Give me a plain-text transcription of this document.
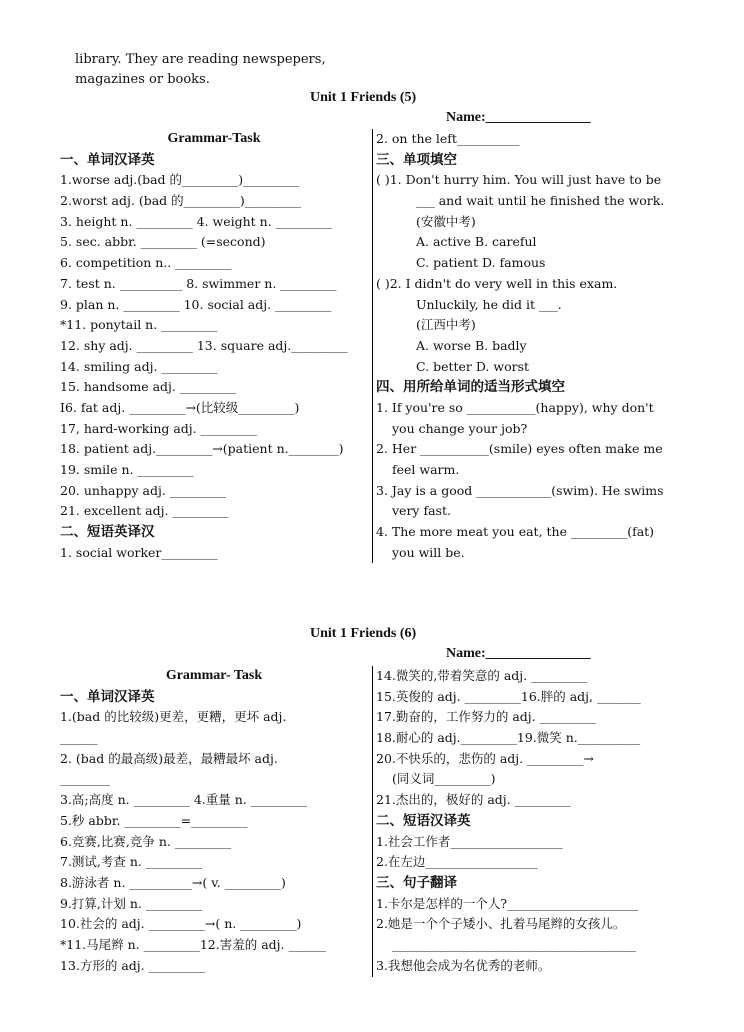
library. They are reading newspepers,
magazines or books.
Unit 1 Friends (5)
Name:_______________
Grammar-Task
一、单词汉译英
1.worse adj.(bad 的_________)_________
2.worst adj. (bad 的_________)_________
3. height n. _________ 4. weight n. _________
5. sec. abbr. _________ (=second)
6. competition n.. _________
7. test n. __________ 8. swimmer n. _________
9. plan n. _________ 10. social adj. _________
*11. ponytail n. _________
12. shy adj. _________ 13. square adj._________
14. smiling adj. _________
15. handsome adj. _________
I6. fat adj. _________→(比较级_________)
17, hard-working adj. _________
18. patient adj._________→(patient n.________)
19. smile n. _________
20. unhappy adj. _________
21. excellent adj. _________
二、短语英译汉
1. social worker_________
2. on the left__________
三、单项填空
( )1. Don't hurry him. You will just have to be
___ and wait until he finished the work.
(安徽中考)
A. active B. careful
C. patient D. famous
( )2. I didn't do very well in this exam.
Unluckily, he did it ___.
(江西中考)
A. worse B. badly
C. better D. worst
四、用所给单词的适当形式填空
1. If you're so ___________(happy), why don't
you change your job?
2. Her ___________(smile) eyes often make me
feel warm.
3. Jay is a good ____________(swim). He swims
very fast.
4. The more meat you eat, the _________(fat)
you will be.
Unit 1 Friends (6)
Name:_______________
Grammar- Task
一、单词汉译英
1.(bad 的比较级)更差，更糟，更坏 adj.
______
2. (bad 的最高级)最差，最糟最坏 adj.
________
3.高;高度 n. _________ 4.重量 n. _________
5.秒 abbr. _________=_________
6.竞赛,比赛,竞争 n. _________
7.测试,考查 n. _________
8.游泳者 n. __________→( v. _________)
9.打算,计划 n. _________
10.社会的 adj. _________→( n. _________)
*11.马尾辫 n. _________12.害羞的 adj. ______
13.方形的 adj. _________
14.微笑的,带着笑意的 adj. _________
15.英俊的 adj. _________16.胖的 adj, _______
17.勤奋的，工作努力的 adj. _________
18.耐心的 adj._________19.微笑 n.__________
20.不快乐的，悲伤的 adj. _________→
(同义词_________)
21.杰出的，极好的 adj. _________
二、短语汉译英
1.社会工作者__________________
2.在左边__________________
三、句子翻译
1.卡尔是怎样的一个人?_____________________
2.她是一个个子矮小、扎着马尾辫的女孩儿。
_______________________________________
3.我想他会成为名优秀的老师。
